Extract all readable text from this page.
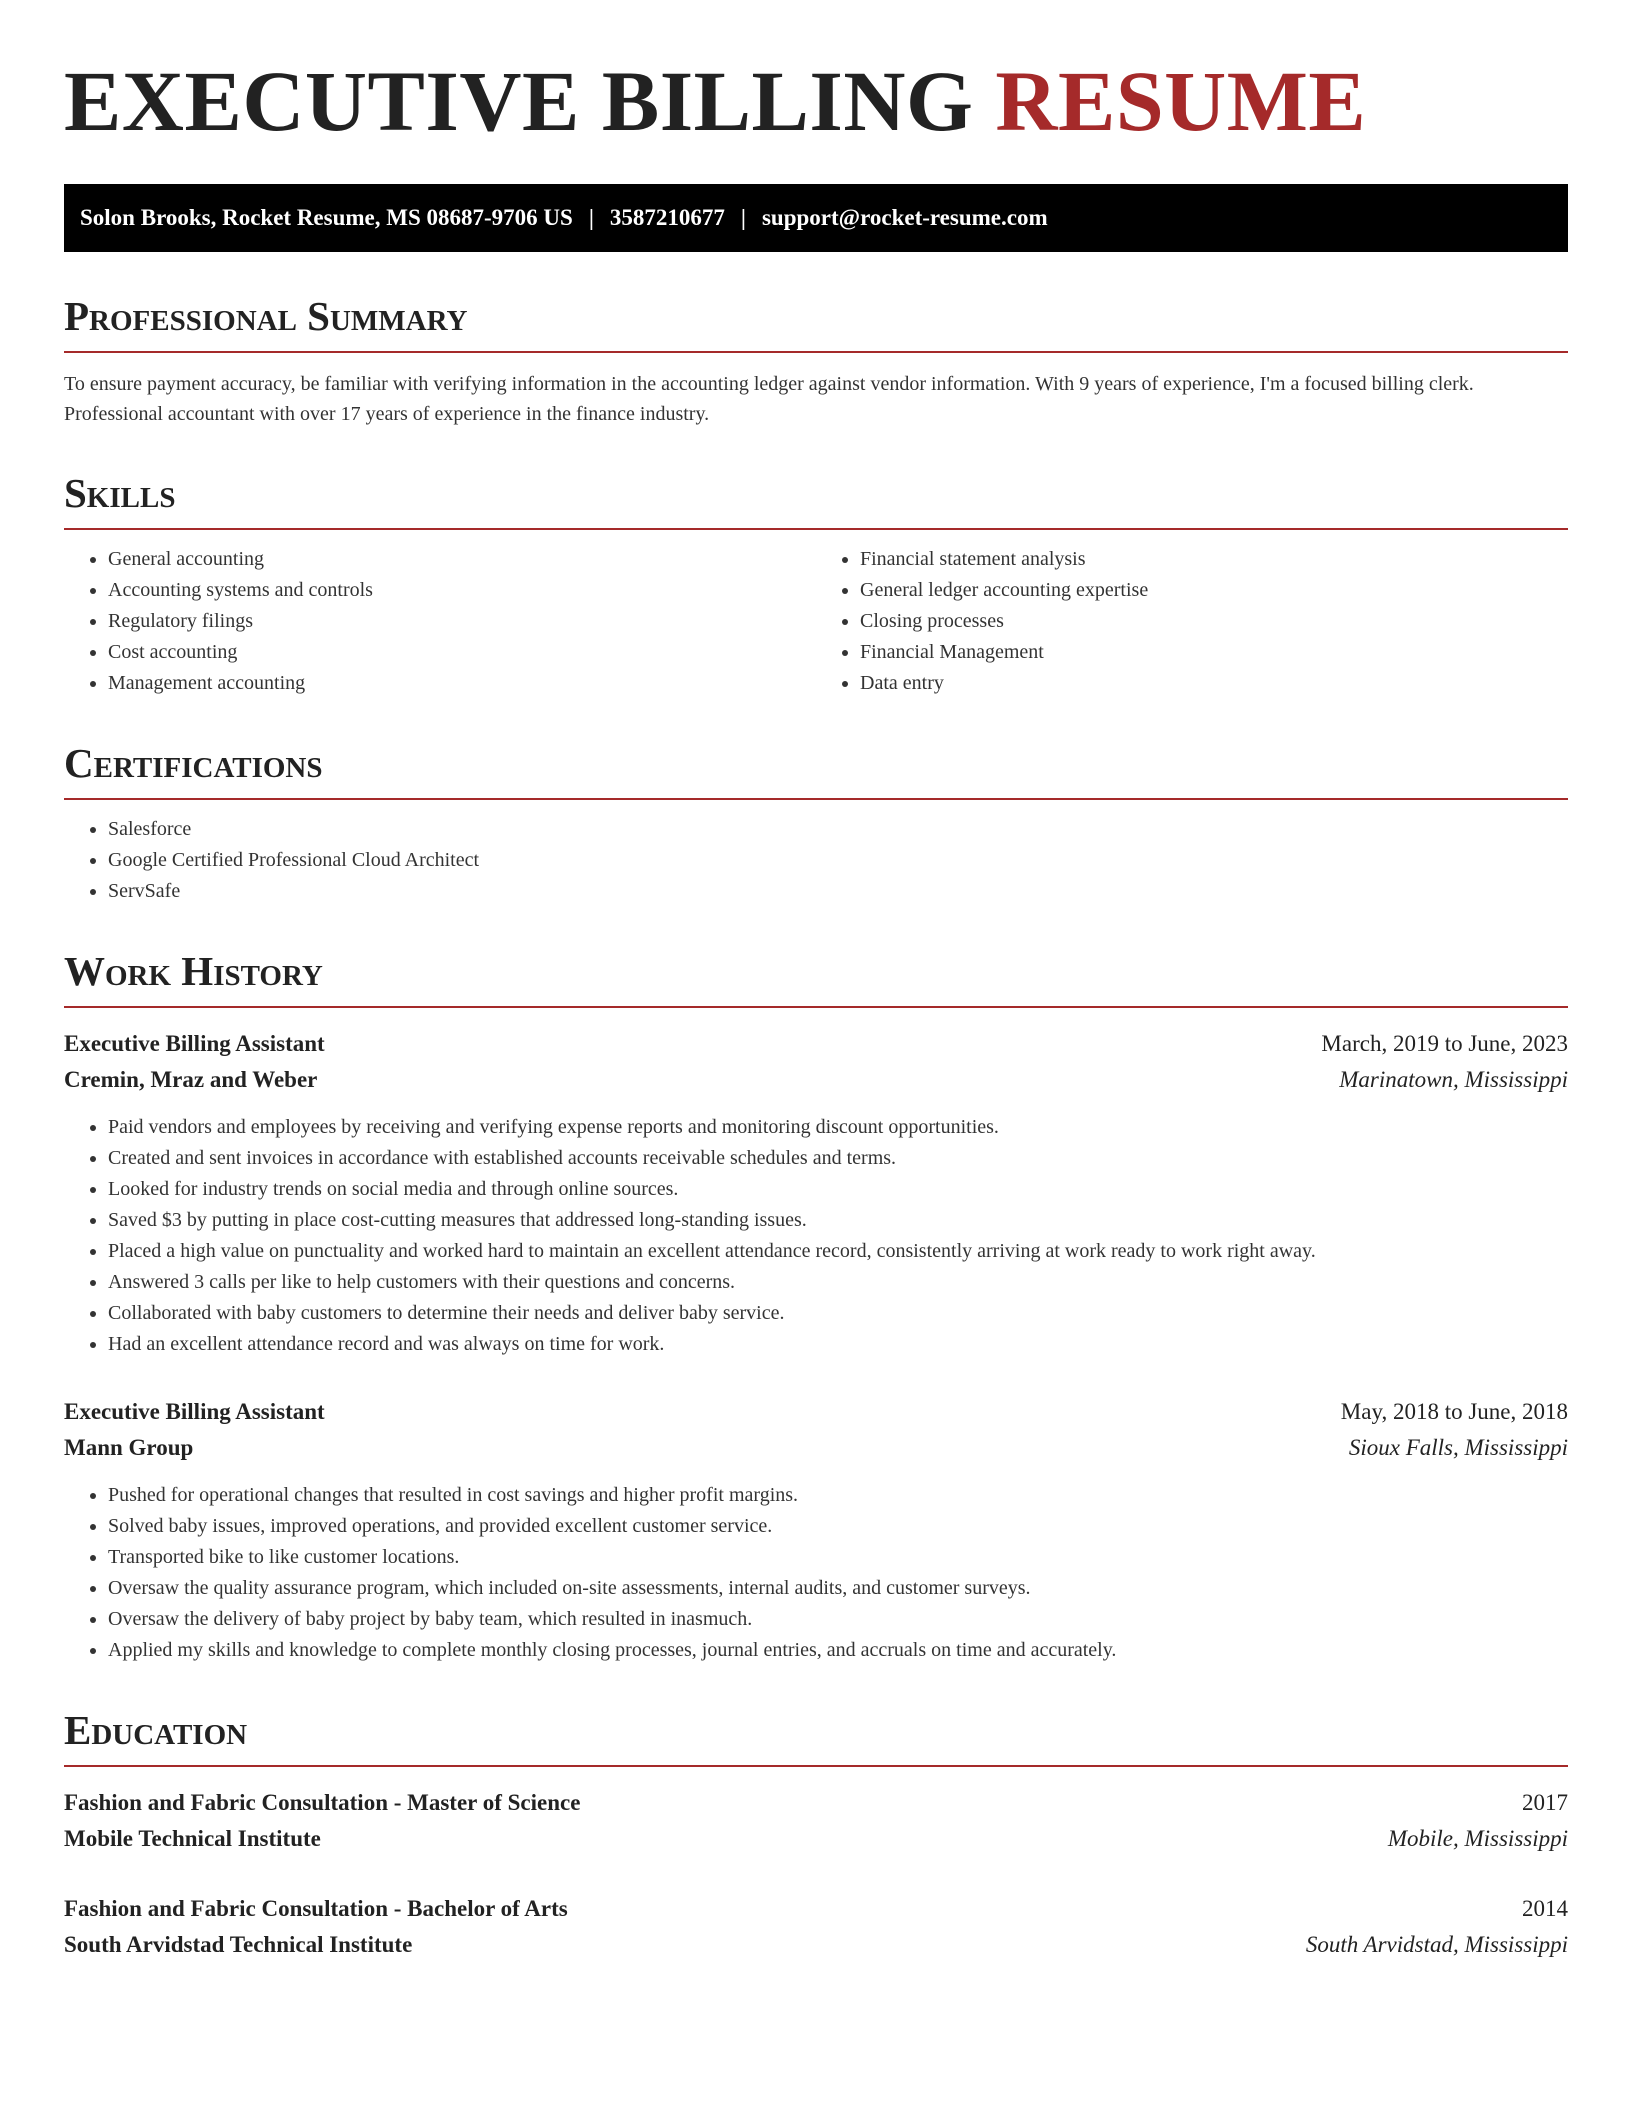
EXECUTIVE BILLING RESUME
Solon Brooks, Rocket Resume, MS 08687-9706 US | 3587210677 | support@rocket-resume.com
Professional Summary

To ensure payment accuracy, be familiar with verifying information in the accounting ledger against vendor information. With 9 years of experience, I'm a focused billing clerk. Professional accountant with over 17 years of experience in the finance industry.

Skills
• General accounting
• Accounting systems and controls
• Regulatory filings
• Cost accounting
• Management accounting
• Financial statement analysis
• General ledger accounting expertise
• Closing processes
• Financial Management
• Data entry
Certifications
• Salesforce
• Google Certified Professional Cloud Architect
• ServSafe
Work History
Executive Billing Assistant	March, 2019 to June, 2023
Cremin, Mraz and Weber	Marinatown, Mississippi
• Paid vendors and employees by receiving and verifying expense reports and monitoring discount opportunities.
• Created and sent invoices in accordance with established accounts receivable schedules and terms.
• Looked for industry trends on social media and through online sources.
• Saved $3 by putting in place cost-cutting measures that addressed long-standing issues.
• Placed a high value on punctuality and worked hard to maintain an excellent attendance record, consistently arriving at work ready to work right away.
• Answered 3 calls per like to help customers with their questions and concerns.
• Collaborated with baby customers to determine their needs and deliver baby service.
• Had an excellent attendance record and was always on time for work.
Executive Billing Assistant	May, 2018 to June, 2018
Mann Group	Sioux Falls, Mississippi
• Pushed for operational changes that resulted in cost savings and higher profit margins.
• Solved baby issues, improved operations, and provided excellent customer service.
• Transported bike to like customer locations.
• Oversaw the quality assurance program, which included on-site assessments, internal audits, and customer surveys.
• Oversaw the delivery of baby project by baby team, which resulted in inasmuch.
• Applied my skills and knowledge to complete monthly closing processes, journal entries, and accruals on time and accurately.
Education
Fashion and Fabric Consultation - Master of Science	2017
Mobile Technical Institute	Mobile, Mississippi
Fashion and Fabric Consultation - Bachelor of Arts	2014
South Arvidstad Technical Institute	South Arvidstad, Mississippi
